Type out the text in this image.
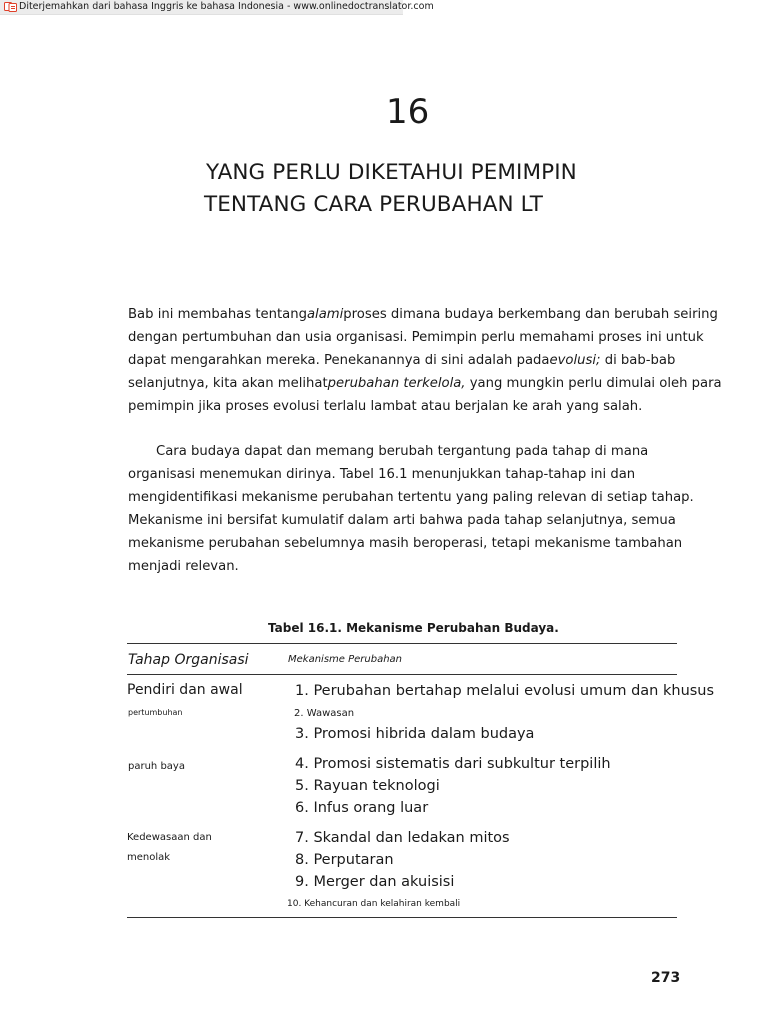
Diterjemahkan dari bahasa Inggris ke bahasa Indonesia - www.onlinedoctranslator.com
16
YANG PERLU DIKETAHUI PEMIMPIN
TENTANG CARA PERUBAHAN LT
Bab ini membahas tentangalamiproses dimana budaya berkembang dan berubah seiring
dengan pertumbuhan dan usia organisasi. Pemimpin perlu memahami proses ini untuk
dapat mengarahkan mereka. Penekanannya di sini adalah padaevolusi; di bab-bab
selanjutnya, kita akan melihatperubahan terkelola, yang mungkin perlu dimulai oleh para
pemimpin jika proses evolusi terlalu lambat atau berjalan ke arah yang salah.
Cara budaya dapat dan memang berubah tergantung pada tahap di mana
organisasi menemukan dirinya. Tabel 16.1 menunjukkan tahap-tahap ini dan
mengidentifikasi mekanisme perubahan tertentu yang paling relevan di setiap tahap.
Mekanisme ini bersifat kumulatif dalam arti bahwa pada tahap selanjutnya, semua
mekanisme perubahan sebelumnya masih beroperasi, tetapi mekanisme tambahan
menjadi relevan.
Tabel 16.1. Mekanisme Perubahan Budaya.
Tahap Organisasi	Mekanisme Perubahan
Pendiri dan awal
pertumbuhan
paruh baya
Kedewasaan dan
menolak
1. Perubahan bertahap melalui evolusi umum dan khusus
2. Wawasan
3. Promosi hibrida dalam budaya
4. Promosi sistematis dari subkultur terpilih
5. Rayuan teknologi
6. Infus orang luar
7. Skandal dan ledakan mitos
8. Perputaran
9. Merger dan akuisisi
10. Kehancuran dan kelahiran kembali
273
